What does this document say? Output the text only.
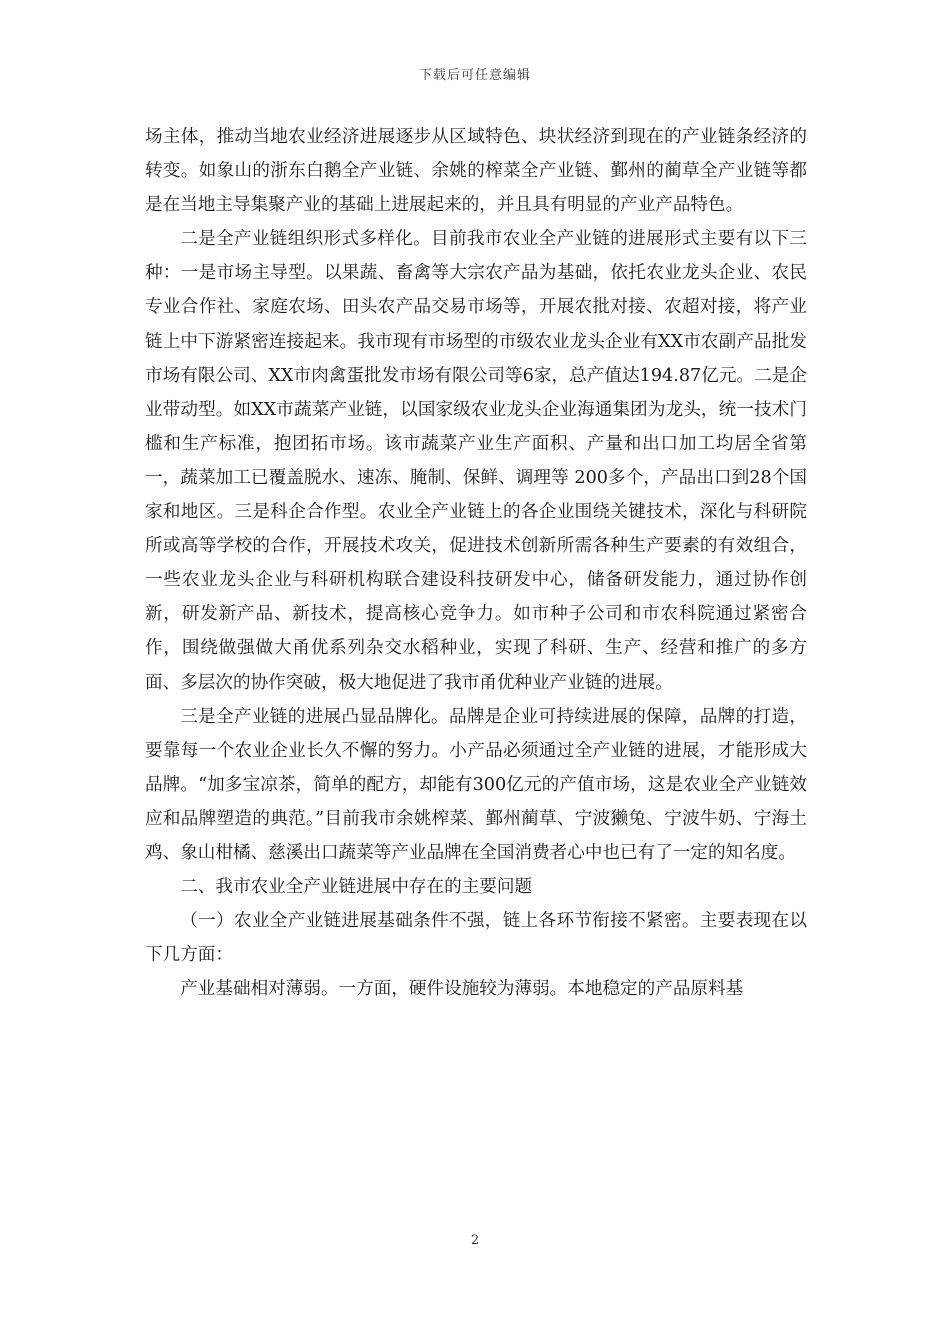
下载后可任意编辑

场主体，推动当地农业经济进展逐步从区域特色、块状经济到现在的产业链条经济的转变。如象山的浙东白鹅全产业链、余姚的榨菜全产业链、鄞州的蔺草全产业链等都是在当地主导集聚产业的基础上进展起来的，并且具有明显的产业产品特色。

二是全产业链组织形式多样化。目前我市农业全产业链的进展形式主要有以下三种：一是市场主导型。以果蔬、畜禽等大宗农产品为基础，依托农业龙头企业、农民专业合作社、家庭农场、田头农产品交易市场等，开展农批对接、农超对接，将产业链上中下游紧密连接起来。我市现有市场型的市级农业龙头企业有XX市农副产品批发市场有限公司、XX市肉禽蛋批发市场有限公司等6家，总产值达194.87亿元。二是企业带动型。如XX市蔬菜产业链，以国家级农业龙头企业海通集团为龙头，统一技术门槛和生产标准，抱团拓市场。该市蔬菜产业生产面积、产量和出口加工均居全省第一，蔬菜加工已覆盖脱水、速冻、腌制、保鲜、调理等 200多个，产品出口到28个国家和地区。三是科企合作型。农业全产业链上的各企业围绕关键技术，深化与科研院所或高等学校的合作，开展技术攻关，促进技术创新所需各种生产要素的有效组合，一些农业龙头企业与科研机构联合建设科技研发中心，储备研发能力，通过协作创新，研发新产品、新技术，提高核心竞争力。如市种子公司和市农科院通过紧密合作，围绕做强做大甬优系列杂交水稻种业，实现了科研、生产、经营和推广的多方面、多层次的协作突破，极大地促进了我市甬优种业产业链的进展。

三是全产业链的进展凸显品牌化。品牌是企业可持续进展的保障，品牌的打造，要靠每一个农业企业长久不懈的努力。小产品必须通过全产业链的进展，才能形成大品牌。“加多宝凉茶，简单的配方，却能有300亿元的产值市场，这是农业全产业链效应和品牌塑造的典范。”目前我市余姚榨菜、鄞州蔺草、宁波獭兔、宁波牛奶、宁海土鸡、象山柑橘、慈溪出口蔬菜等产业品牌在全国消费者心中也已有了一定的知名度。

二、我市农业全产业链进展中存在的主要问题

（一）农业全产业链进展基础条件不强，链上各环节衔接不紧密。主要表现在以下几方面：

产业基础相对薄弱。一方面，硬件设施较为薄弱。本地稳定的产品原料基

2
